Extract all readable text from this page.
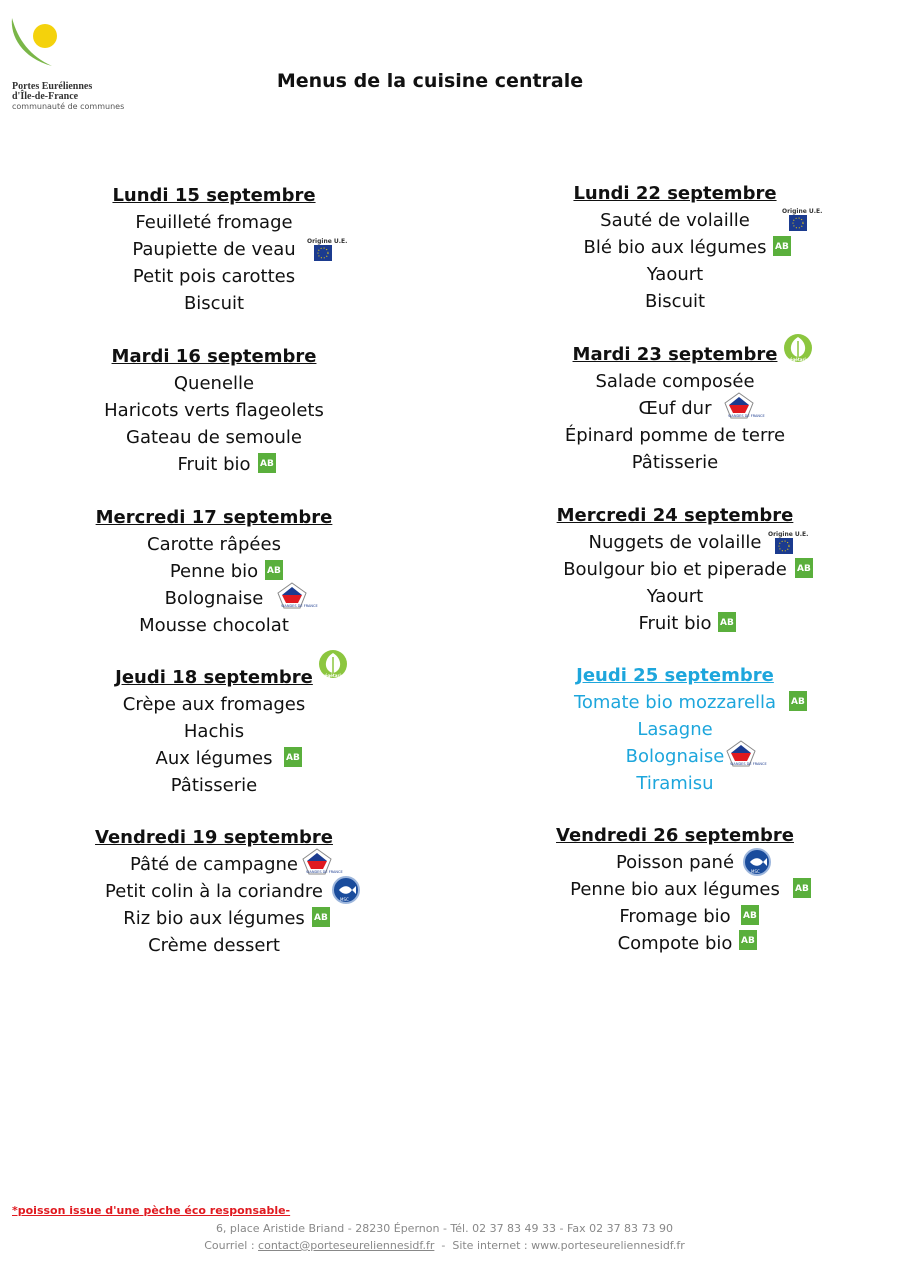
Portes Euréliennes
d'Île-de-France
communauté de communes
Menus de la cuisine centrale
Lundi 15 septembre
Feuilleté fromage
Paupiette de veau Origine U.E.
Petit pois carottes
Biscuit
Mardi 16 septembre
Quenelle
Haricots verts flageolets
Gateau de semoule
Fruit bio AB
Mercredi 17 septembre
Carotte râpées
Penne bio AB
Bolognaise	VIANDES DE FRANCE
Mousse chocolat
Jeudi 18 septembre végétarien
Crèpe aux fromages
Hachis
Aux légumes AB
Pâtisserie
Vendredi 19 septembre
Pâté de campagne VIANDES DE FRANCE
Petit colin à la coriandre	MSC
Riz bio aux légumes AB
Crème dessert
Lundi 22 septembre
Origine U.E.
Sauté de volaille
Blé bio aux légumes AB
Yaourt
Biscuit
Mardi 23 septembre végétarien
Salade composée
Œuf dur	VIANDES DE FRANCE
Épinard pomme de terre
Pâtisserie
Mercredi 24 septembre
Nuggets de volaille Origine U.E.
Boulgour bio et piperade AB
Yaourt
Fruit bio AB
Jeudi 25 septembre
Tomate bio mozzarella AB
Lasagne
Bolognaise VIANDES DE FRANCE
Tiramisu
Vendredi 26 septembre
Poisson pané	MSC
Penne bio aux légumes AB
Fromage bio AB
Compote bio AB
*poisson issue d'une pèche éco responsable-
6, place Aristide Briand - 28230 Épernon - Tél. 02 37 83 49 33 - Fax 02 37 83 73 90
Courriel : contact@porteseureliennesidf.fr  -  Site internet : www.porteseureliennesidf.fr
